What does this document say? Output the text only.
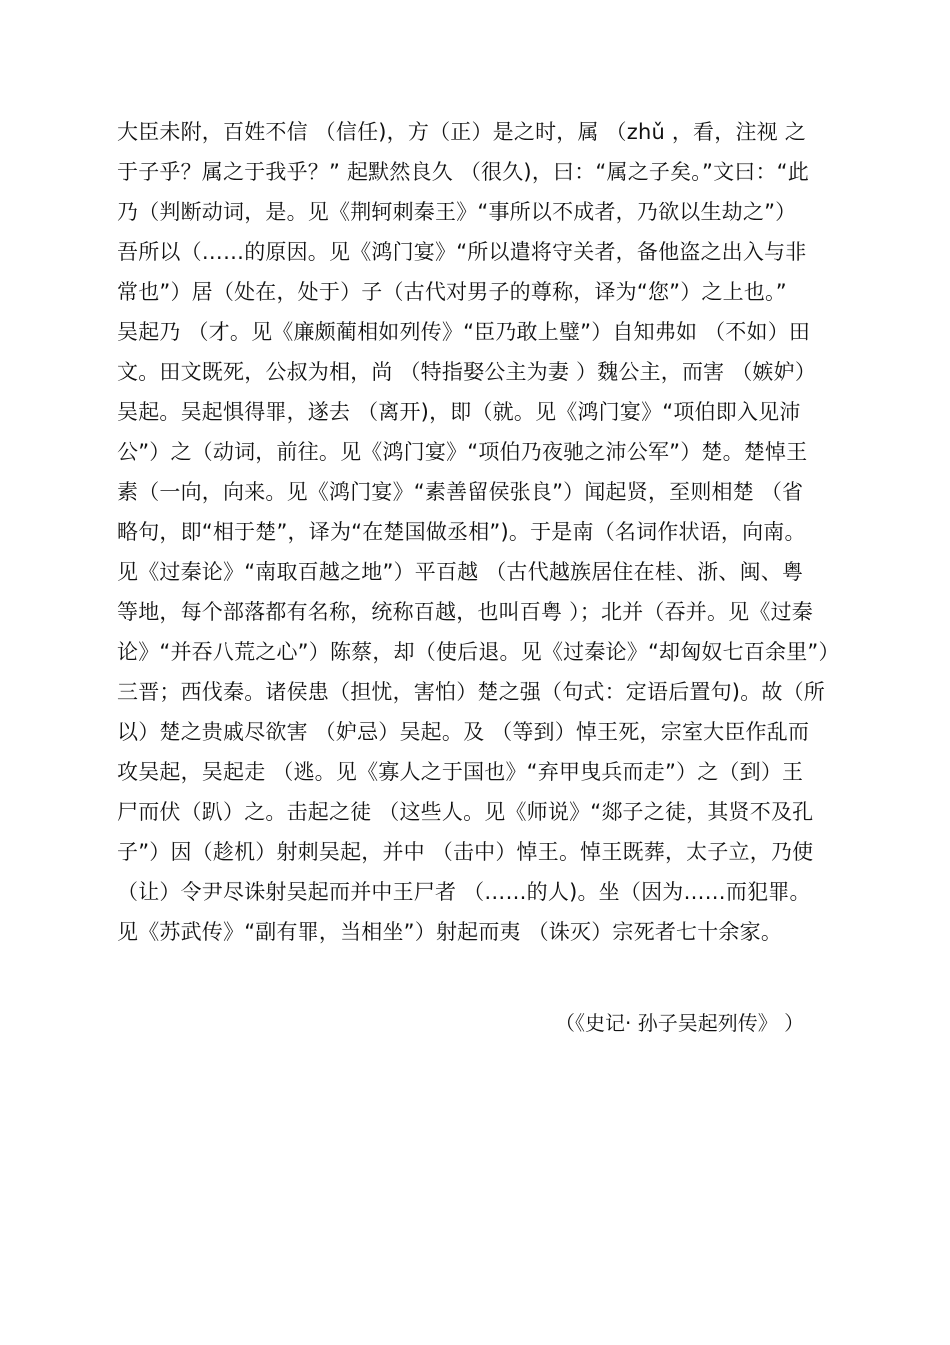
大臣未附，百姓不信 （信任)，方（正）是之时，属 （zhǔ ，看，注视 之
于子乎？属之于我乎？” 起默然良久 （很久)，曰：“属之子矣。”文曰：“此
乃（判断动词，是。见《荆轲刺秦王》“事所以不成者，乃欲以生劫之”）
吾所以（……的原因。见《鸿门宴》“所以遣将守关者，备他盗之出入与非
常也”）居（处在，处于）子（古代对男子的尊称，译为“您”）之上也。”
吴起乃 （才。见《廉颇蔺相如列传》“臣乃敢上璧”）自知弗如 （不如）田
文。田文既死，公叔为相，尚 （特指娶公主为妻 ）魏公主，而害 （嫉妒）
吴起。吴起惧得罪，遂去 （离开)，即（就。见《鸿门宴》“项伯即入见沛
公”）之（动词，前往。见《鸿门宴》“项伯乃夜驰之沛公军”）楚。楚悼王
素（一向，向来。见《鸿门宴》“素善留侯张良”）闻起贤，至则相楚 （省
略句，即“相于楚”，译为“在楚国做丞相”)。于是南（名词作状语，向南。
见《过秦论》“南取百越之地”）平百越 （古代越族居住在桂、浙、闽、粤
等地，每个部落都有名称，统称百越，也叫百粤 ）；北并（吞并。见《过秦
论》“并吞八荒之心”）陈蔡，却（使后退。见《过秦论》“却匈奴七百余里”）
三晋；西伐秦。诸侯患（担忧，害怕）楚之强（句式：定语后置句)。故（所
以）楚之贵戚尽欲害 （妒忌）吴起。及 （等到）悼王死，宗室大臣作乱而
攻吴起，吴起走 （逃。见《寡人之于国也》“弃甲曳兵而走”）之（到）王
尸而伏（趴）之。击起之徒 （这些人。见《师说》“郯子之徒，其贤不及孔
子”）因（趁机）射刺吴起，并中 （击中）悼王。悼王既葬，太子立，乃使
（让）令尹尽诛射吴起而并中王尸者 （……的人)。坐（因为……而犯罪。
见《苏武传》“副有罪，当相坐”）射起而夷 （诛灭）宗死者七十余家。
（《史记· 孙子吴起列传》 ）
